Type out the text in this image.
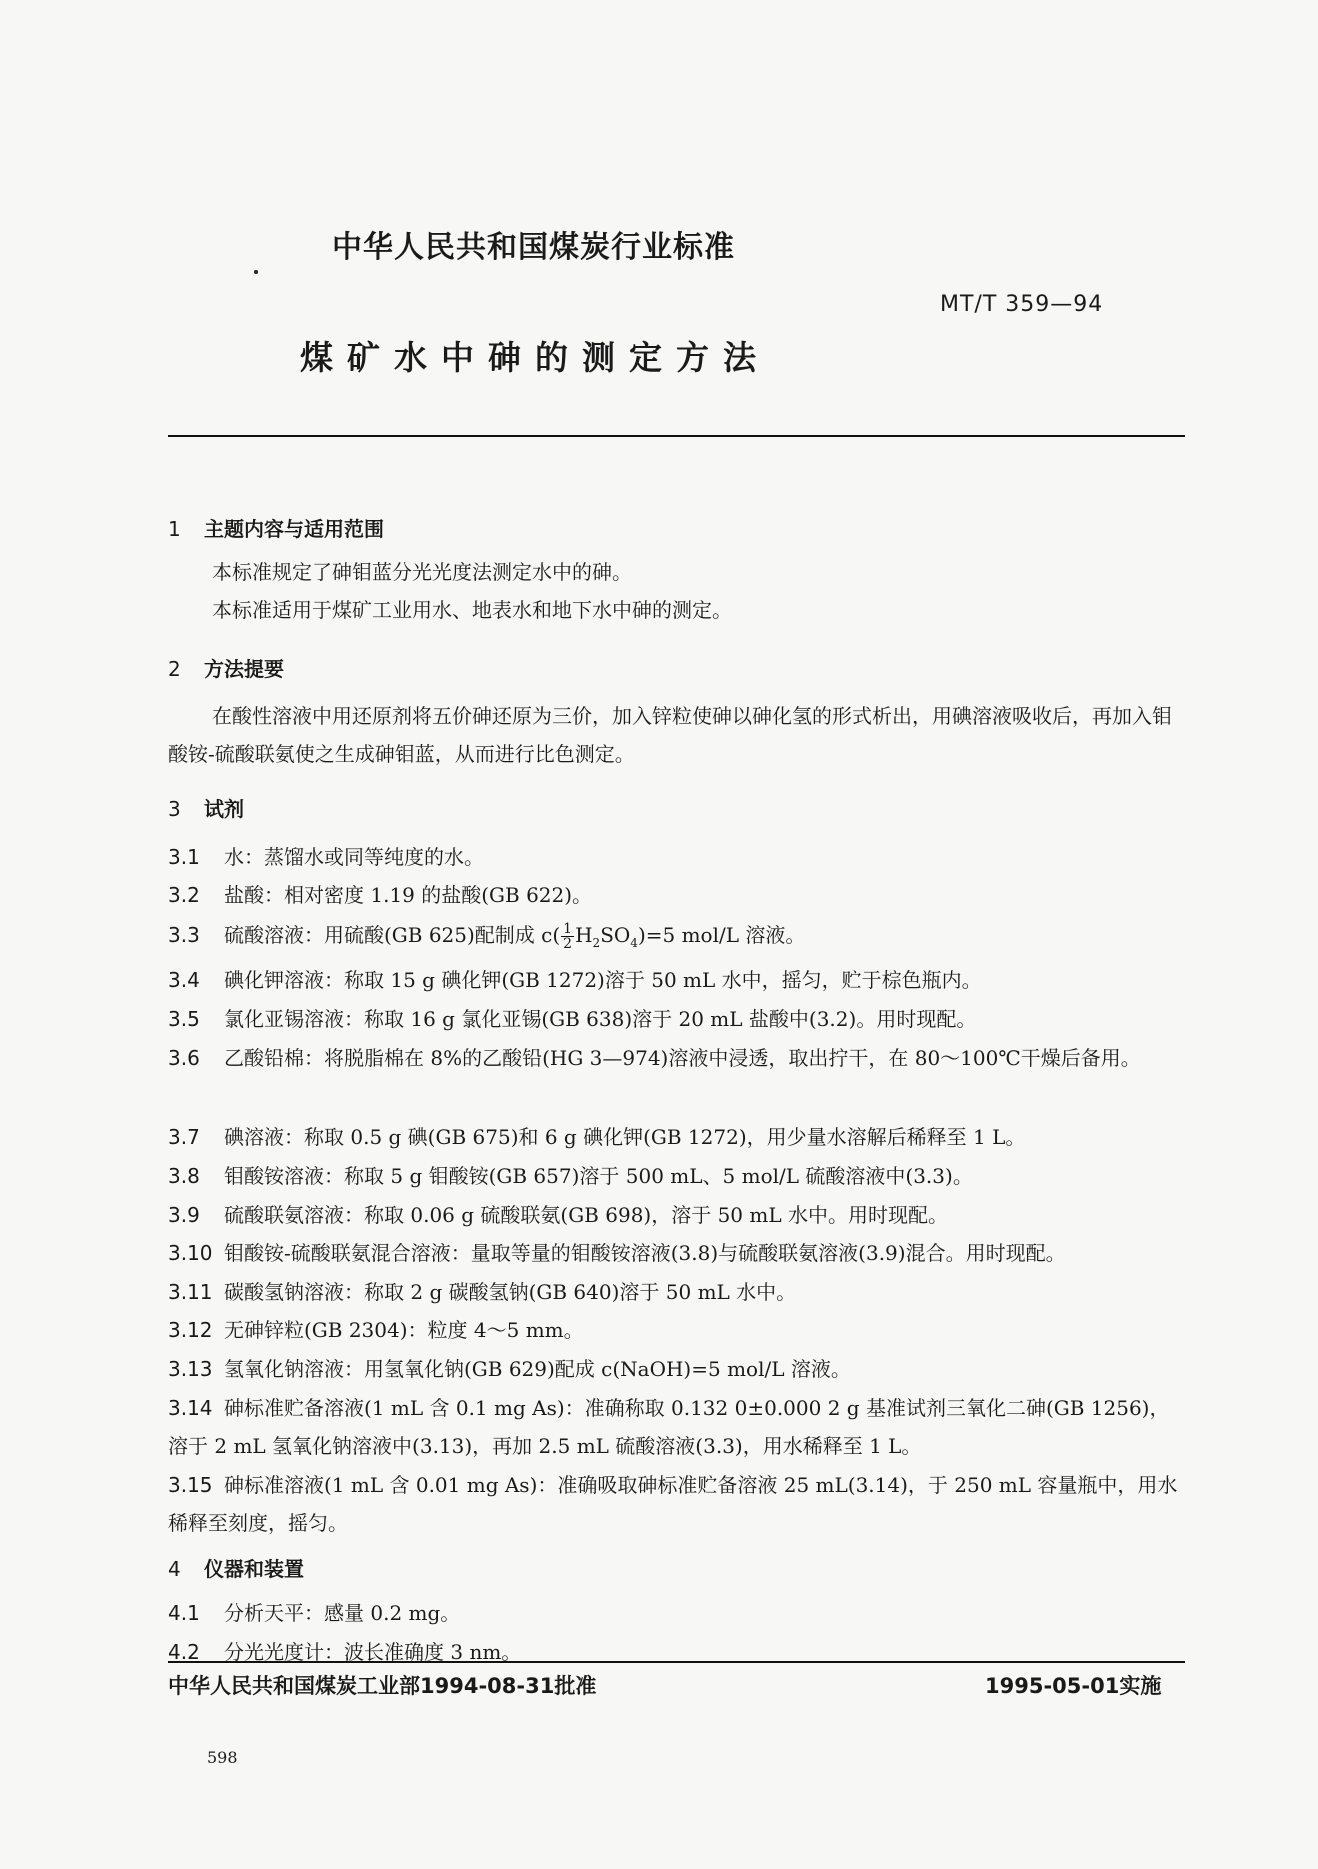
中华人民共和国煤炭行业标准
MT/T 359—94
煤矿水中砷的测定方法
1 主题内容与适用范围
本标准规定了砷钼蓝分光光度法测定水中的砷。
本标准适用于煤矿工业用水、地表水和地下水中砷的测定。
2 方法提要
在酸性溶液中用还原剂将五价砷还原为三价，加入锌粒使砷以砷化氢的形式析出，用碘溶液吸收后，再加入钼酸铵-硫酸联氨使之生成砷钼蓝，从而进行比色测定。
3 试剂
3.1 水：蒸馏水或同等纯度的水。
3.2 盐酸：相对密度 1.19 的盐酸(GB 622)。
3.3 硫酸溶液：用硫酸(GB 625)配制成 $c( \frac{1}{2} H_2SO_4)=5$ mol/L 溶液。
3.4 碘化钾溶液：称取 15 g 碘化钾(GB 1272)溶于 50 mL 水中，摇匀，贮于棕色瓶内。
3.5 氯化亚锡溶液：称取 16 g 氯化亚锡(GB 638)溶于 20 mL 盐酸中(3.2)。用时现配。
3.6 乙酸铅棉：将脱脂棉在 8%的乙酸铅(HG 3—974)溶液中浸透，取出拧干，在 80～100℃干燥后备用。
3.7 碘溶液：称取 0.5 g 碘(GB 675)和 6 g 碘化钾(GB 1272)，用少量水溶解后稀释至 1 L。
3.8 钼酸铵溶液：称取 5 g 钼酸铵(GB 657)溶于 500 mL、5 mol/L 硫酸溶液中(3.3)。
3.9 硫酸联氨溶液：称取 0.06 g 硫酸联氨(GB 698)，溶于 50 mL 水中。用时现配。
3.10 钼酸铵-硫酸联氨混合溶液：量取等量的钼酸铵溶液(3.8)与硫酸联氨溶液(3.9)混合。用时现配。
3.11 碳酸氢钠溶液：称取 2 g 碳酸氢钠(GB 640)溶于 50 mL 水中。
3.12 无砷锌粒(GB 2304)：粒度 4～5 mm。
3.13 氢氧化钠溶液：用氢氧化钠(GB 629)配成 c(NaOH)=5 mol/L 溶液。
3.14 砷标准贮备溶液(1 mL 含 0.1 mg As)：准确称取 0.132 0±0.000 2 g 基准试剂三氧化二砷(GB 1256)，溶于 2 mL 氢氧化钠溶液中(3.13)，再加 2.5 mL 硫酸溶液(3.3)，用水稀释至 1 L。
3.15 砷标准溶液(1 mL 含 0.01 mg As)：准确吸取砷标准贮备溶液 25 mL(3.14)，于 250 mL 容量瓶中，用水稀释至刻度，摇匀。
4 仪器和装置
4.1 分析天平：感量 0.2 mg。
4.2 分光光度计：波长准确度 3 nm。
中华人民共和国煤炭工业部1994-08-31批准	1995-05-01实施
598
